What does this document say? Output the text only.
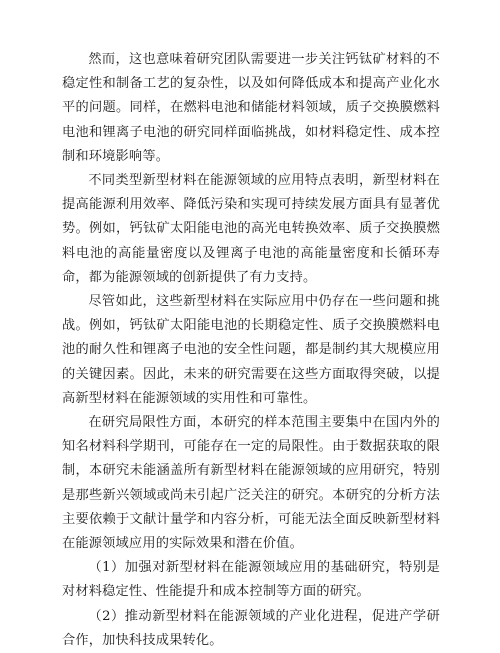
然而，这也意味着研究团队需要进一步关注钙钛矿材料的不稳定性和制备工艺的复杂性，以及如何降低成本和提高产业化水平的问题。同样，在燃料电池和储能材料领域，质子交换膜燃料电池和锂离子电池的研究同样面临挑战，如材料稳定性、成本控制和环境影响等。

不同类型新型材料在能源领域的应用特点表明，新型材料在提高能源利用效率、降低污染和实现可持续发展方面具有显著优势。例如，钙钛矿太阳能电池的高光电转换效率、质子交换膜燃料电池的高能量密度以及锂离子电池的高能量密度和长循环寿命，都为能源领域的创新提供了有力支持。

尽管如此，这些新型材料在实际应用中仍存在一些问题和挑战。例如，钙钛矿太阳能电池的长期稳定性、质子交换膜燃料电池的耐久性和锂离子电池的安全性问题，都是制约其大规模应用的关键因素。因此，未来的研究需要在这些方面取得突破，以提高新型材料在能源领域的实用性和可靠性。

在研究局限性方面，本研究的样本范围主要集中在国内外的知名材料科学期刊，可能存在一定的局限性。由于数据获取的限制，本研究未能涵盖所有新型材料在能源领域的应用研究，特别是那些新兴领域或尚未引起广泛关注的研究。本研究的分析方法主要依赖于文献计量学和内容分析，可能无法全面反映新型材料在能源领域应用的实际效果和潜在价值。

（1）加强对新型材料在能源领域应用的基础研究，特别是对材料稳定性、性能提升和成本控制等方面的研究。

（2）推动新型材料在能源领域的产业化进程，促进产学研合作，加快科技成果转化。
